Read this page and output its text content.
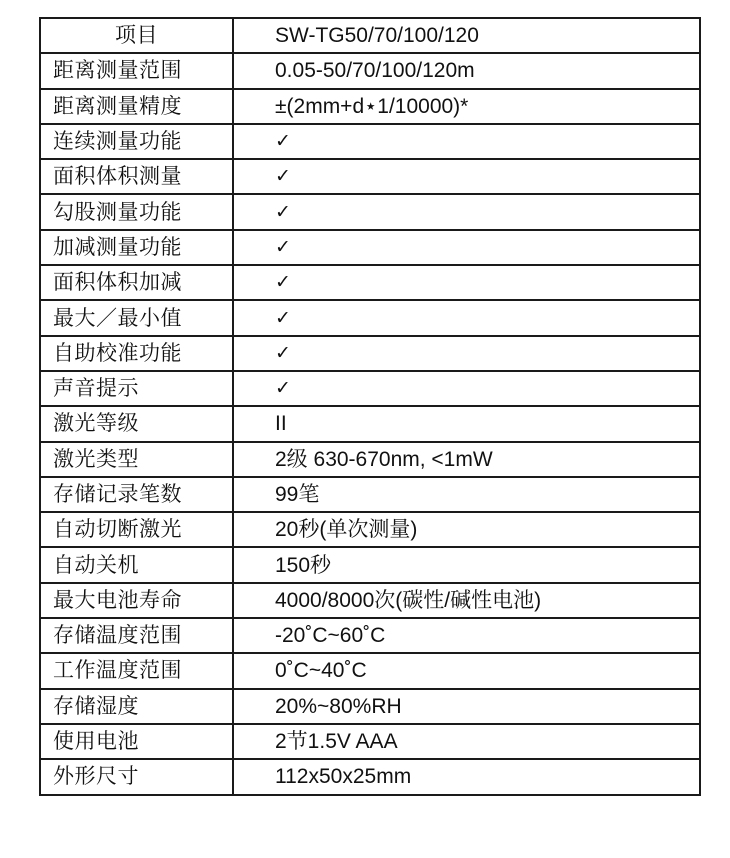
项目	SW-TG50/70/100/120
距离测量范围	0.05-50/70/100/120m
距离测量精度	±(2mm+d⋆1/10000)*
连续测量功能	✓
面积体积测量	✓
勾股测量功能	✓
加减测量功能	✓
面积体积加减	✓
最大／最小值	✓
自助校准功能	✓
声音提示	✓
激光等级	II
激光类型	2级 630-670nm, <1mW
存储记录笔数	99笔
自动切断激光	20秒(单次测量)
自动关机	150秒
最大电池寿命	4000/8000次(碳性/碱性电池)
存储温度范围	-20˚C~60˚C
工作温度范围	0˚C~40˚C
存储湿度	20%~80%RH
使用电池	2节1.5V AAA
外形尺寸	112x50x25mm
